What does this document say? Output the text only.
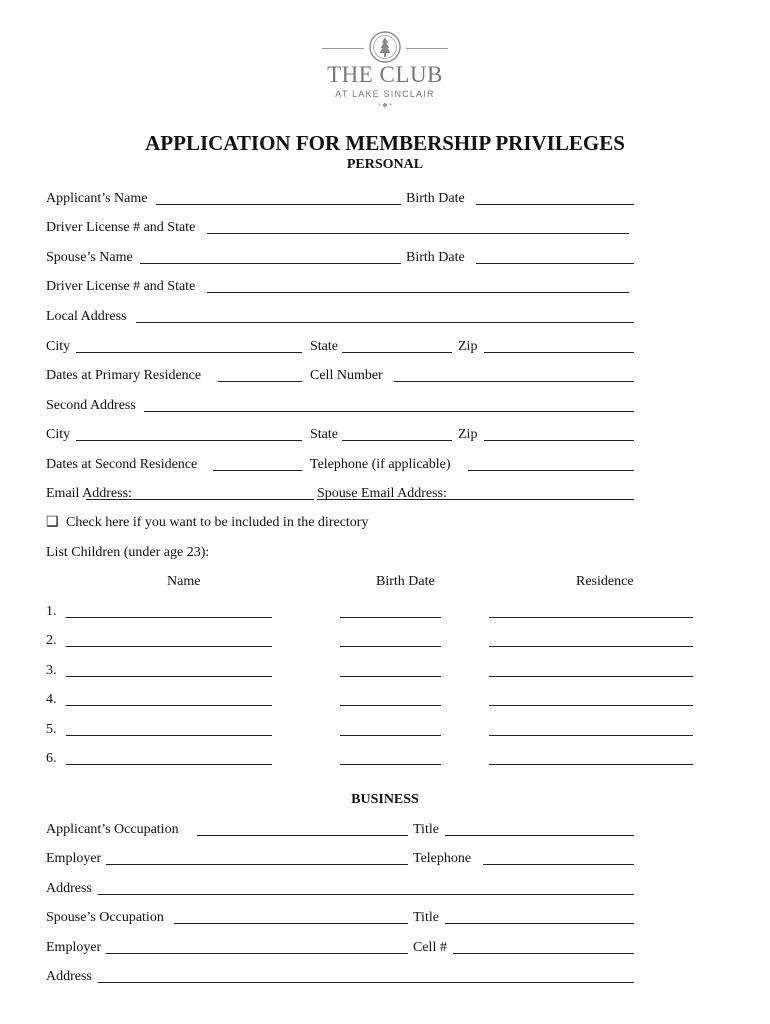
THE CLUB
AT LAKE SINCLAIR
• ◆ •
APPLICATION FOR MEMBERSHIP PRIVILEGES
PERSONAL
Applicant’s Name	Birth Date
Driver License # and State
Spouse’s Name	Birth Date
Driver License # and State
Local Address
City	State	Zip
Dates at Primary Residence	Cell Number
Second Address
City	State	Zip
Dates at Second Residence	Telephone (if applicable)
Email Address:	Spouse Email Address:
❑ Check here if you want to be included in the directory
List Children (under age 23):
Name	Birth Date	Residence
1.
2.
3.
4.
5.
6.
BUSINESS
Applicant’s Occupation	Title
Employer	Telephone
Address
Spouse’s Occupation	Title
Employer	Cell #
Address
